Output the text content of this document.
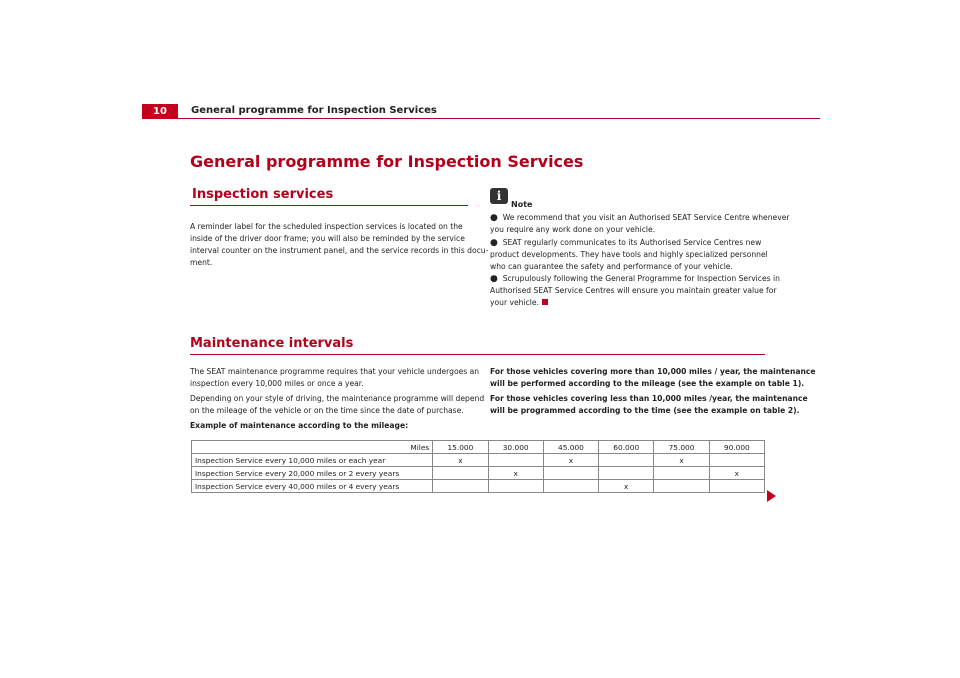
10	General programme for Inspection Services
General programme for Inspection Services
Inspection services
A reminder label for the scheduled inspection services is located on the
inside of the driver door frame; you will also be reminded by the service
interval counter on the instrument panel, and the service records in this docu-
ment.
i
Note
● We recommend that you visit an Authorised SEAT Service Centre whenever
you require any work done on your vehicle.
● SEAT regularly communicates to its Authorised Service Centres new
product developments. They have tools and highly specialized personnel
who can guarantee the safety and performance of your vehicle.
● Scrupulously following the General Programme for Inspection Services in
Authorised SEAT Service Centres will ensure you maintain greater value for
your vehicle.
Maintenance intervals
The SEAT maintenance programme requires that your vehicle undergoes an
inspection every 10,000 miles or once a year.
Depending on your style of driving, the maintenance programme will depend
on the mileage of the vehicle or on the time since the date of purchase.
Example of maintenance according to the mileage:
For those vehicles covering more than 10,000 miles / year, the maintenance
will be performed according to the mileage (see the example on table 1).
For those vehicles covering less than 10,000 miles /year, the maintenance
will be programmed according to the time (see the example on table 2).
Miles	15.000	30.000	45.000	60.000	75.000	90.000
Inspection Service every 10,000 miles or each year	x		x		x	
Inspection Service every 20,000 miles or 2 every years		x				x
Inspection Service every 40,000 miles or 4 every years				x		
